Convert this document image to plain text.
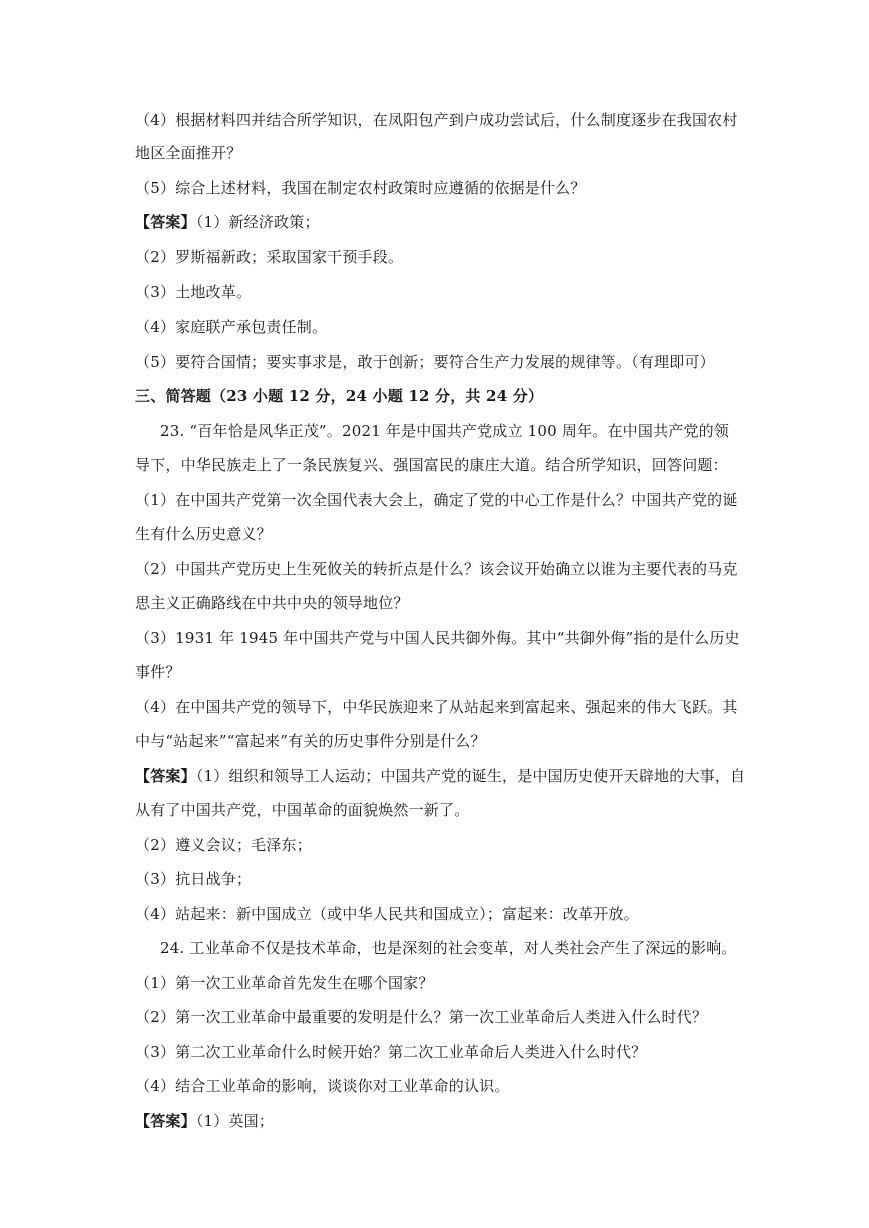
（4）根据材料四并结合所学知识，在凤阳包产到户成功尝试后，什么制度逐步在我国农村
地区全面推开？
（5）综合上述材料，我国在制定农村政策时应遵循的依据是什么？
【答案】（1）新经济政策；
（2）罗斯福新政；采取国家干预手段。
（3）土地改革。
（4）家庭联产承包责任制。
（5）要符合国情；要实事求是，敢于创新；要符合生产力发展的规律等。（有理即可）
三、简答题（23 小题 12 分，24 小题 12 分，共 24 分）
23. “百年恰是风华正茂”。2021 年是中国共产党成立 100 周年。在中国共产党的领
导下，中华民族走上了一条民族复兴、强国富民的康庄大道。结合所学知识，回答问题：
（1）在中国共产党第一次全国代表大会上，确定了党的中心工作是什么？中国共产党的诞
生有什么历史意义？
（2）中国共产党历史上生死攸关的转折点是什么？该会议开始确立以谁为主要代表的马克
思主义正确路线在中共中央的领导地位？
（3）1931 年 1945 年中国共产党与中国人民共御外侮。其中“共御外侮”指的是什么历史
事件？
（4）在中国共产党的领导下，中华民族迎来了从站起来到富起来、强起来的伟大飞跃。其
中与“站起来”“富起来”有关的历史事件分别是什么？
【答案】（1）组织和领导工人运动；中国共产党的诞生，是中国历史使开天辟地的大事，自
从有了中国共产党，中国革命的面貌焕然一新了。
（2）遵义会议；毛泽东；
（3）抗日战争；
（4）站起来：新中国成立（或中华人民共和国成立）；富起来：改革开放。
24. 工业革命不仅是技术革命，也是深刻的社会变革，对人类社会产生了深远的影响。
（1）第一次工业革命首先发生在哪个国家？
（2）第一次工业革命中最重要的发明是什么？第一次工业革命后人类进入什么时代？
（3）第二次工业革命什么时候开始？第二次工业革命后人类进入什么时代？
（4）结合工业革命的影响，谈谈你对工业革命的认识。
【答案】（1）英国；
